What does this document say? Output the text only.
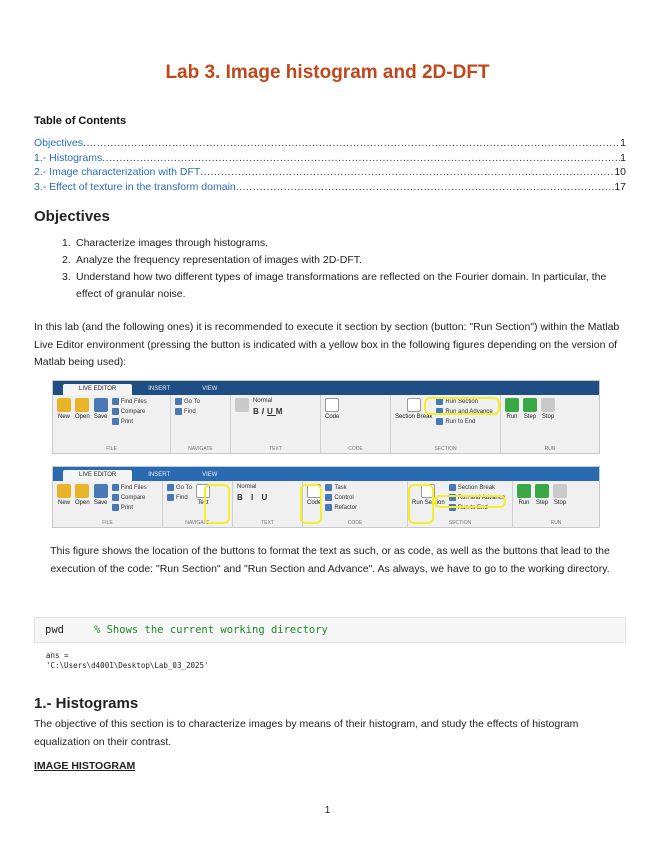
Lab 3. Image histogram and 2D-DFT
Table of Contents
Objectives .....	1
1.- Histograms .....	1
2.- Image characterization with DFT .....	10
3.- Effect of texture in the transform domain .....	17
Objectives
1. Characterize images through histograms.
2. Analyze the frequency representation of images with 2D-DFT.
3. Understand how two different types of image transformations are reflected on the Fourier domain. In particular, the effect of granular noise.
In this lab (and the following ones) it is recommended to execute it section by section (button: "Run Section") within the Matlab Live Editor environment (pressing the button is indicated with a yellow box in the following figures depending on the version of Matlab being used):
LIVE EDITOR	INSERT	VIEW
New Open Save
Find Files
Compare
Print
FILE
Go To
Find
NAVIGATE
Normal
B I U M
TEXT
Code
CODE
Section Break
Run Section
Run and Advance
Run to End
SECTION
Run Step Stop
RUN
LIVE EDITOR	INSERT	VIEW
New Open Save
Find Files
Compare
Print
FILE
Go To
Find
Text
NAVIGATE
Normal
B I U
TEXT
Code
Task
Control
Refactor
CODE
Run Section
Section Break
Run and Advance
Run to End
SECTION
Run Step Stop
RUN
This figure shows the location of the buttons to format the text as such, or as code, as well as the buttons that lead to the execution of the code: "Run Section" and "Run Section and Advance". As always, we have to go to the working directory.
pwd	% Shows the current working directory
ans =
'C:\Users\d4001\Desktop\Lab_03_2025'
1.- Histograms
The objective of this section is to characterize images by means of their histogram, and study the effects of histogram equalization on their contrast.
IMAGE HISTOGRAM
1
